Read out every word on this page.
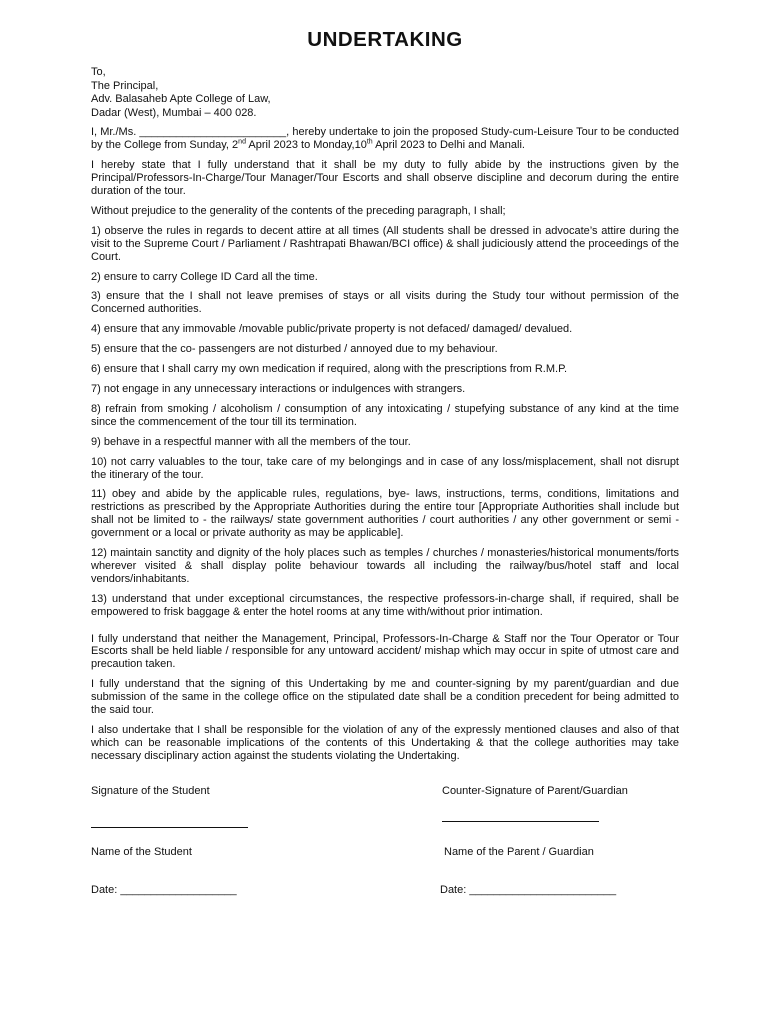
UNDERTAKING
To,
The Principal,
Adv. Balasaheb Apte College of Law,
Dadar (West), Mumbai – 400 028.

I, Mr./Ms. ________________________, hereby undertake to join the proposed Study-cum-Leisure Tour to be conducted by the College from Sunday, 2nd April 2023 to Monday,10th April 2023 to Delhi and Manali.

I hereby state that I fully understand that it shall be my duty to fully abide by the instructions given by the Principal/Professors-In-Charge/Tour Manager/Tour Escorts and shall observe discipline and decorum during the entire duration of the tour.

Without prejudice to the generality of the contents of the preceding paragraph, I shall;

1) observe the rules in regards to decent attire at all times (All students shall be dressed in advocate’s attire during the visit to the Supreme Court / Parliament / Rashtrapati Bhawan/BCI office) & shall judiciously attend the proceedings of the Court.

2) ensure to carry College ID Card all the time.

3) ensure that the I shall not leave premises of stays or all visits during the Study tour without permission of the Concerned authorities.

4) ensure that any immovable /movable public/private property is not defaced/ damaged/ devalued.

5) ensure that the co- passengers are not disturbed / annoyed due to my behaviour.

6) ensure that I shall carry my own medication if required, along with the prescriptions from R.M.P.

7) not engage in any unnecessary interactions or indulgences with strangers.

8) refrain from smoking / alcoholism / consumption of any intoxicating / stupefying substance of any kind at the time since the commencement of the tour till its termination.

9) behave in a respectful manner with all the members of the tour.

10) not carry valuables to the tour, take care of my belongings and in case of any loss/misplacement, shall not disrupt the itinerary of the tour.

11) obey and abide by the applicable rules, regulations, bye- laws, instructions, terms, conditions, limitations and restrictions as prescribed by the Appropriate Authorities during the entire tour [Appropriate Authorities shall include but shall not be limited to - the railways/ state government authorities / court authorities / any other government or semi - government or a local or private authority as may be applicable].

12) maintain sanctity and dignity of the holy places such as temples / churches / monasteries/historical monuments/forts wherever visited & shall display polite behaviour towards all including the railway/bus/hotel staff and local vendors/inhabitants.

13) understand that under exceptional circumstances, the respective professors-in-charge shall, if required, shall be empowered to frisk baggage & enter the hotel rooms at any time with/without prior intimation.

I fully understand that neither the Management, Principal, Professors-In-Charge & Staff nor the Tour Operator or Tour Escorts shall be held liable / responsible for any untoward accident/ mishap which may occur in spite of utmost care and precaution taken.

I fully understand that the signing of this Undertaking by me and counter-signing by my parent/guardian and due submission of the same in the college office on the stipulated date shall be a condition precedent for being admitted to the said tour.

I also undertake that I shall be responsible for the violation of any of the expressly mentioned clauses and also of that which can be reasonable implications of the contents of this Undertaking & that the college authorities may take necessary disciplinary action against the students violating the Undertaking.

Signature of the Student	Counter-Signature of Parent/Guardian
Name of the Student	Name of the Parent / Guardian
Date: ___________________	Date: ________________________
